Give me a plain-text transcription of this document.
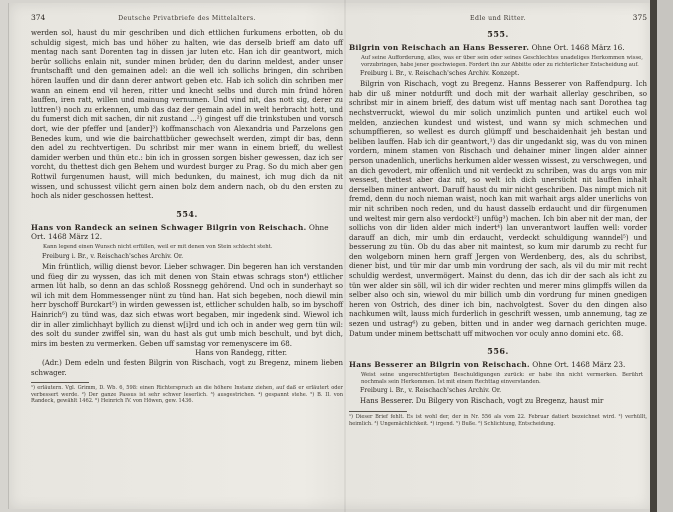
374	Deutsche Privatbriefe des Mittelalters.

werden sol, haust du mir geschriben und dich ettlichen furkumens erbotten, ob du schuldig sigest, mich bas und höher zu halten, wie das derselb brieff am dato uff mentag nach sant Dorenten tag in dissen jar luten etc. Han ich dir geantwort, mich berür sollichs enlain nit, sunder minen brüder, den du darinn meldest, ander unser fruntschafft und den gemainen adel: an die well ich sollichs bringen, din schriben hören lauffen und dir dann derer antwort geben etc. Hab ich solich din schriben mer wann an einem end vil heren, ritter und knecht selbs und durch min fründ hören lauffen, iren ratt, willen und mainung vernumen. Und vind nit, das nott sig, derer zu luttren¹) noch zu erkennen, umb das daz der gemain adel in welt herbracht hott, und du fumerst dich mit sachen, dir nit zustand ...²) gingest uff die trinkstuben und vorsch dort, wie der pfeffer und [ander]³) koffmanschach von Alexandria und Parzelons gen Benedes kum, und wie die bairchattbücher gewechselt werden, zimpt dir bas, denn den adel zu rechtvertigen. Du schribst mir mer wann in einem brieff, du wellest damider werben und thün etc.: bin ich in grossen sorgen bisher gewessen, daz ich ser vorcht, du thettest dich gen Behem und wurdest burger zu Prag. So du mich aber gen Rottwil furgenumen haust, will mich bedunken, du mainest, ich mug dich da nit wissen, und schussest vilicht gern ainen bolz dem andern nach, ob du den ersten zu hoch als nider geschossen hettest.

554.

Hans von Randeck an seinen Schwager Bilgrin von Reischach. Ohne Ort. 1468 März 12.

Kann legend einen Wunsch nicht erfüllen, weil er mit denen von Stein schlecht steht.

Freiburg i. Br., v. Reischach'sches Archiv. Or.

Min früntlich, willig dienst bevor. Lieber schwager. Din begeren han ich verstanden und füeg dir zu wyssen, das ich mit denen von Stain etwas schrags ston⁴) ettlicher armen lüt halb, so denn an das schloß Rossnegg gehörend. Und och in sunderhayt so wil ich mit dem Hommessenger nünt zu tünd han. Hat sich begeben, noch diewil min herr byschoff Burckart⁵) in wirden gewessen ist, ettlicher schulden halb, so im byschoff Hainrich⁶) zu tünd was, daz sich etwas wort begaben, mir ingedenk sind. Wiewol ich dir in aller zimlichhayt byllich zu dienst w[i]rd und ich och in ander weg gern tün wil: des solt du sunder zwiffel sin, wan du hast als gut umb mich beschult, und byt dich, mirs im besten zu vermerken. Geben uff samstag vor remenyscere im 68.

Hans von Randegg, ritter.

(Adr.) Dem edeln und festen Bilgrin von Rischach, vogt zu Bregenz, minem lieben schwager.

¹) erläutern. Vgl. Grimm, D. Wb. 6, 598: einen Richterspruch an die höhere Instanz ziehen, auf daß er erläutert oder verbessert werde. ²) Der ganze Passus ist sehr schwer leserlich. ³) ausgestrichen. ⁴) gespannt stehe. ⁵) B. II. von Randeck, gewählt 1462. ⁶) Heinrich IV. von Höwen, gew. 1436.

Edle und Ritter.	375
555.

Bilgrin von Reischach an Hans Besserer. Ohne Ort. 1468 März 16.

Auf seine Aufforderung, alles, was er über sein oder seines Geschlechtes unadeliges Herkommen wisse, vorzubringen, habe jener geschwiegen. Fordert ihn zur Abbitte oder zu richterlicher Entscheidung auf.

Freiburg i. Br., v. Reischach'sches Archiv. Konzept.

Bilgrin von Rischach, vogt zu Bregenz. Hanns Besserer von Raffendpurg. Ich hab dir uß miner notdurfft und doch mit der warhait allerlay geschriben, so schribst mir in ainem brieff, des datum wist uff mentag nach sant Dorothea tag nechstverruckt, wiewol du mir solich unzimlich punten und artikel euch wol melden, anziechen kundest und wistest, und wann sy mich schmechen und schumpffieren, so wellest es durch glümpff und beschaidenhait jeh bestan und beliben lauffen. Hab ich dir geantwort,¹) das dir ungedankt sig, was du von minen vordern, minem stamen von Rischach und dehainer miner lingen alder ainner person unadenlich, unerlichs herkumen alder wessen wissest, zu verschwegen, und an dich gevodert, mir offenlich und nit verdeckt zu schriben, was du args von mir wessest, thettest aber daz nit, so welt ich dich unersücht nit lauffen inhalt derselben miner antwort. Daruff haust du mir nicht geschriben. Das nimpt mich nit fremd, denn du noch nieman waist, noch kan mit warhait args alder unerlichs von mir nit schriben noch reden, und du haust dasselb erdaucht und dir fürgenumen und weltest mir gern also verdockt²) unfüg³) machen. Ich bin aber nit der man, der sollichs von dir liden alder mich indert⁴) lan unverantwort lauffen well: vorder darauff an dich, mir umb din erdaucht, verdeckt schuldigung wanndel⁵) und besserung zu tün. Ob du das aber nit maintest, so kum mir darumb zu recht fur den wolgeborn minen hern graff Jergen von Werdenberg, des, als du schribst, diener bist, und tür mir dar umb min vordrung der sach, als vil du mir mit recht schuldig werdest, unvermögert. Mainst du denn, das ich dir der sach als icht zu tün wer alder sin söll, wil ich dir wider rechten und merer mins glimpffs willen da selber also och sin, wiewol du mir billich umb din vordrung fur minen gnedigen heren von Ostrich, des diner ich bin, nachvolgtest. Sover du den dingen also nachkumen wilt, lauss mich furderlich in geschrift wessen, umb annemung, tag ze sezen und ustrag⁶) zu geben, bitten und in ander weg darnach gerichten muge. Datum under minem bettschatt uff mitwochen vor oculy anno domini etc. 68.

556.

Hans Besserer an Bilgrin von Reischach. Ohne Ort. 1468 März 23.

Weist seine ungerechtfertigten Beschuldigungen zurück: er habe ihn nicht vermerken. Berührt nochmals sein Herkommen. Ist mit einem Rechttag einverstanden.

Freiburg i. Br., v. Reischach'sches Archiv. Or.

Hans Besserer. Du Bilgery von Rischach, vogt zu Bregenz, haust mir

¹) Dieser Brief fehlt. Es ist wohl der, der in Nr. 556 als vom 22. Februar datiert bezeichnet wird. ²) verhüllt, heimlich. ³) Ungemächlichkeit. ⁴) irgend. ⁵) Buße. ⁶) Schlichtung, Entscheidung.
